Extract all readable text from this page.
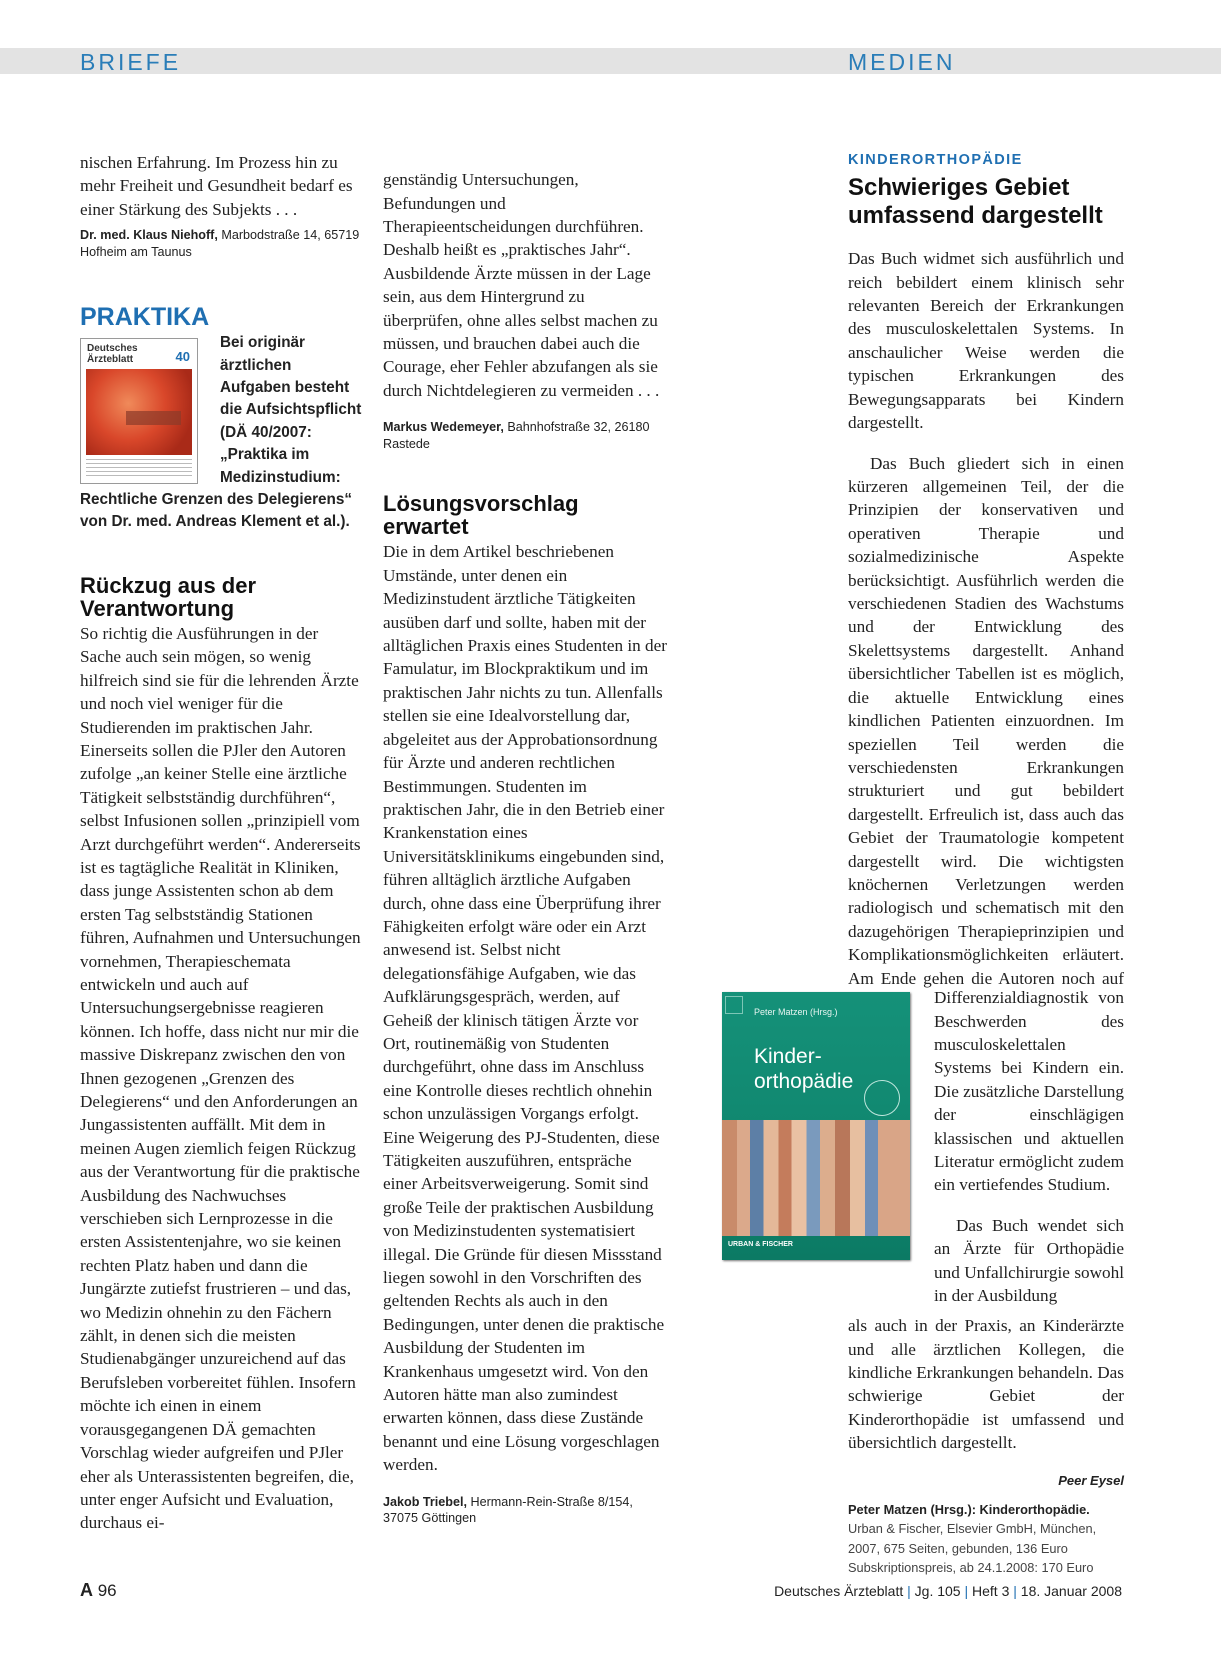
BRIEFE	MEDIEN

nischen Erfahrung. Im Prozess hin zu mehr Freiheit und Gesundheit bedarf es einer Stärkung des Subjekts . . .

Dr. med. Klaus Niehoff, Marbodstraße 14, 65719 Hofheim am Taunus
PRAKTIKA
Deutsches Ärzteblatt	40
Bei originär ärztlichen Aufgaben besteht die Aufsichtspflicht (DÄ 40/2007: „Praktika im Medizinstudium: Rechtliche Grenzen des Delegierens“ von Dr. med. Andreas Klement et al.).
Rückzug aus der Verantwortung

So richtig die Ausführungen in der Sache auch sein mögen, so wenig hilfreich sind sie für die lehrenden Ärzte und noch viel weniger für die Studierenden im praktischen Jahr. Einerseits sollen die PJler den Autoren zufolge „an keiner Stelle eine ärztliche Tätigkeit selbstständig durchführen“, selbst Infusionen sollen „prinzipiell vom Arzt durchgeführt werden“. Andererseits ist es tagtägliche Realität in Kliniken, dass junge Assistenten schon ab dem ersten Tag selbstständig Stationen führen, Aufnahmen und Untersuchungen vornehmen, Therapieschemata entwickeln und auch auf Untersuchungsergebnisse reagieren können. Ich hoffe, dass nicht nur mir die massive Diskrepanz zwischen den von Ihnen gezogenen „Grenzen des Delegierens“ und den Anforderungen an Jungassistenten auffällt. Mit dem in meinen Augen ziemlich feigen Rückzug aus der Verantwortung für die praktische Ausbildung des Nachwuchses verschieben sich Lernprozesse in die ersten Assistentenjahre, wo sie keinen rechten Platz haben und dann die Jungärzte zutiefst frustrieren – und das, wo Medizin ohnehin zu den Fächern zählt, in denen sich die meisten Studienabgänger unzureichend auf das Berufsleben vorbereitet fühlen. Insofern möchte ich einen in einem vorausgegangenen DÄ gemachten Vorschlag wieder aufgreifen und PJler eher als Unterassistenten begreifen, die, unter enger Aufsicht und Evaluation, durchaus ei-

genständig Untersuchungen, Befundungen und Therapieentscheidungen durchführen. Deshalb heißt es „praktisches Jahr“. Ausbildende Ärzte müssen in der Lage sein, aus dem Hintergrund zu überprüfen, ohne alles selbst machen zu müssen, und brauchen dabei auch die Courage, eher Fehler abzufangen als sie durch Nichtdelegieren zu vermeiden . . .

Markus Wedemeyer, Bahnhofstraße 32, 26180 Rastede
Lösungsvorschlag erwartet

Die in dem Artikel beschriebenen Umstände, unter denen ein Medizinstudent ärztliche Tätigkeiten ausüben darf und sollte, haben mit der alltäglichen Praxis eines Studenten in der Famulatur, im Blockpraktikum und im praktischen Jahr nichts zu tun. Allenfalls stellen sie eine Idealvorstellung dar, abgeleitet aus der Approbationsordnung für Ärzte und anderen rechtlichen Bestimmungen. Studenten im praktischen Jahr, die in den Betrieb einer Krankenstation eines Universitätsklinikums eingebunden sind, führen alltäglich ärztliche Aufgaben durch, ohne dass eine Überprüfung ihrer Fähigkeiten erfolgt wäre oder ein Arzt anwesend ist. Selbst nicht delegationsfähige Aufgaben, wie das Aufklärungsgespräch, werden, auf Geheiß der klinisch tätigen Ärzte vor Ort, routinemäßig von Studenten durchgeführt, ohne dass im Anschluss eine Kontrolle dieses rechtlich ohnehin schon unzulässigen Vorgangs erfolgt. Eine Weigerung des PJ-Studenten, diese Tätigkeiten auszuführen, entspräche einer Arbeitsverweigerung. Somit sind große Teile der praktischen Ausbildung von Medizinstudenten systematisiert illegal. Die Gründe für diesen Missstand liegen sowohl in den Vorschriften des geltenden Rechts als auch in den Bedingungen, unter denen die praktische Ausbildung der Studenten im Krankenhaus umgesetzt wird. Von den Autoren hätte man also zumindest erwarten können, dass diese Zustände benannt und eine Lösung vorgeschlagen werden.

Jakob Triebel, Hermann-Rein-Straße 8/154, 37075 Göttingen
KINDERORTHOPÄDIE
Schwieriges Gebiet umfassend dargestellt

Das Buch widmet sich ausführlich und reich bebildert einem klinisch sehr relevanten Bereich der Erkrankungen des musculoskelettalen Systems. In anschaulicher Weise werden die typischen Erkrankungen des Bewegungsapparats bei Kindern dargestellt.

Das Buch gliedert sich in einen kürzeren allgemeinen Teil, der die Prinzipien der konservativen und operativen Therapie und sozialmedizinische Aspekte berücksichtigt. Ausführlich werden die verschiedenen Stadien des Wachstums und der Entwicklung des Skelettsystems dargestellt. Anhand übersichtlicher Tabellen ist es möglich, die aktuelle Entwicklung eines kindlichen Patienten einzuordnen. Im speziellen Teil werden die verschiedensten Erkrankungen strukturiert und gut bebildert dargestellt. Erfreulich ist, dass auch das Gebiet der Traumatologie kompetent dargestellt wird. Die wichtigsten knöchernen Verletzungen werden radiologisch und schematisch mit den dazugehörigen Therapieprinzipien und Komplikationsmöglichkeiten erläutert. Am Ende gehen die Autoren noch auf

Differenzialdiagnostik von Beschwerden des musculoskelettalen Systems bei Kindern ein. Die zusätzliche Darstellung der einschlägigen klassischen und aktuellen Literatur ermöglicht zudem ein vertiefendes Studium.

Das Buch wendet sich an Ärzte für Orthopädie und Unfallchirurgie sowohl in der Ausbildung

als auch in der Praxis, an Kinderärzte und alle ärztlichen Kollegen, die kindliche Erkrankungen behandeln. Das schwierige Gebiet der Kinderorthopädie ist umfassend und übersichtlich dargestellt.

Peer Eysel
Peter Matzen (Hrsg.): Kinderorthopädie.
Urban & Fischer, Elsevier GmbH, München, 2007, 675 Seiten, gebunden, 136 Euro Subskriptionspreis, ab 24.1.2008: 170 Euro
Peter Matzen (Hrsg.)
Kinder- orthopädie
URBAN & FISCHER
A 96	Deutsches Ärzteblatt | Jg. 105 | Heft 3 | 18. Januar 2008
